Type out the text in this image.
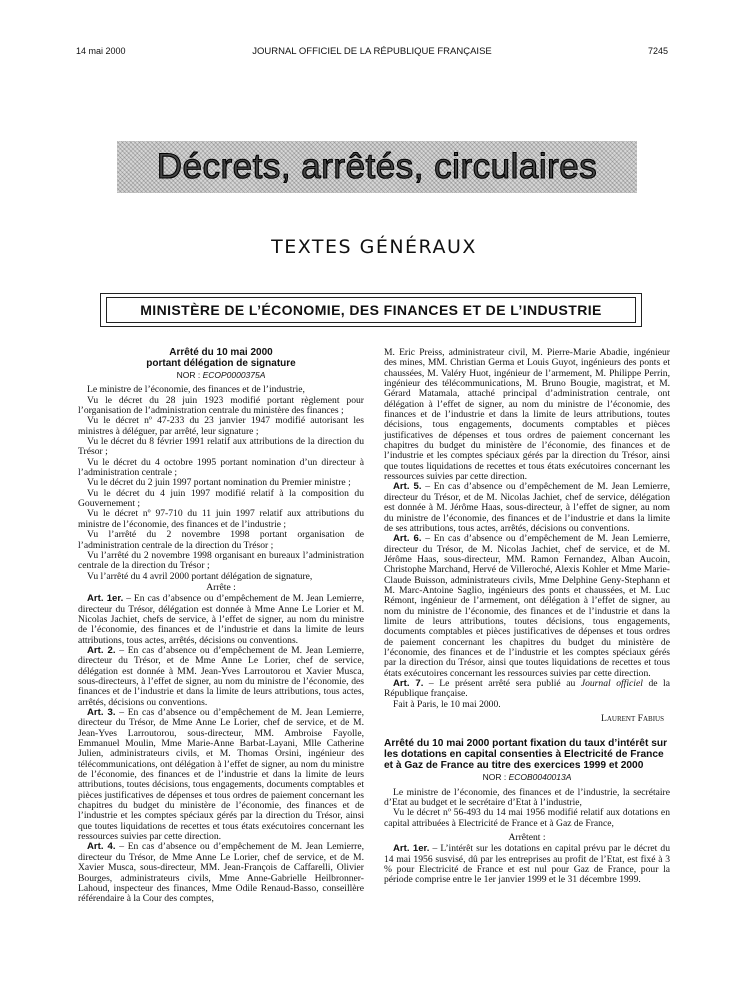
14 mai 2000	JOURNAL OFFICIEL DE LA RÉPUBLIQUE FRANÇAISE	7245
Décrets, arrêtés, circulaires
TEXTES GÉNÉRAUX
MINISTÈRE DE L’ÉCONOMIE, DES FINANCES ET DE L’INDUSTRIE
Arrêté du 10 mai 2000
portant délégation de signature
NOR : ECOP0000375A

Le ministre de l’économie, des finances et de l’industrie,

Vu le décret du 28 juin 1923 modifié portant règlement pour l’organisation de l’administration centrale du ministère des finances ;

Vu le décret nº 47-233 du 23 janvier 1947 modifié autorisant les ministres à déléguer, par arrêté, leur signature ;

Vu le décret du 8 février 1991 relatif aux attributions de la direction du Trésor ;

Vu le décret du 4 octobre 1995 portant nomination d’un directeur à l’administration centrale ;

Vu le décret du 2 juin 1997 portant nomination du Premier ministre ;

Vu le décret du 4 juin 1997 modifié relatif à la composition du Gouvernement ;

Vu le décret nº 97-710 du 11 juin 1997 relatif aux attributions du ministre de l’économie, des finances et de l’industrie ;

Vu l’arrêté du 2 novembre 1998 portant organisation de l’administration centrale de la direction du Trésor ;

Vu l’arrêté du 2 novembre 1998 organisant en bureaux l’administration centrale de la direction du Trésor ;

Vu l’arrêté du 4 avril 2000 portant délégation de signature,

Arrête :

Art. 1er. – En cas d’absence ou d’empêchement de M. Jean Lemierre, directeur du Trésor, délégation est donnée à Mme Anne Le Lorier et M. Nicolas Jachiet, chefs de service, à l’effet de signer, au nom du ministre de l’économie, des finances et de l’industrie et dans la limite de leurs attributions, tous actes, arrêtés, décisions ou conventions.

Art. 2. – En cas d’absence ou d’empêchement de M. Jean Lemierre, directeur du Trésor, et de Mme Anne Le Lorier, chef de service, délégation est donnée à MM. Jean-Yves Larroutorou et Xavier Musca, sous-directeurs, à l’effet de signer, au nom du ministre de l’économie, des finances et de l’industrie et dans la limite de leurs attributions, tous actes, arrêtés, décisions ou conventions.

Art. 3. – En cas d’absence ou d’empêchement de M. Jean Lemierre, directeur du Trésor, de Mme Anne Le Lorier, chef de service, et de M. Jean-Yves Larroutorou, sous-directeur, MM. Ambroise Fayolle, Emmanuel Moulin, Mme Marie-Anne Barbat-Layani, Mlle Catherine Julien, administrateurs civils, et M. Thomas Orsini, ingénieur des télécommunications, ont délégation à l’effet de signer, au nom du ministre de l’économie, des finances et de l’industrie et dans la limite de leurs attributions, toutes décisions, tous engagements, documents comptables et pièces justificatives de dépenses et tous ordres de paiement concernant les chapitres du budget du ministère de l’économie, des finances et de l’industrie et les comptes spéciaux gérés par la direction du Trésor, ainsi que toutes liquidations de recettes et tous états exécutoires concernant les ressources suivies par cette direction.

Art. 4. – En cas d’absence ou d’empêchement de M. Jean Lemierre, directeur du Trésor, de Mme Anne Le Lorier, chef de service, et de M. Xavier Musca, sous-directeur, MM. Jean-François de Caffarelli, Olivier Bourges, administrateurs civils, Mme Anne-Gabrielle Heilbronner-Lahoud, inspecteur des finances, Mme Odile Renaud-Basso, conseillère référendaire à la Cour des comptes,

M. Eric Preiss, administrateur civil, M. Pierre-Marie Abadie, ingénieur des mines, MM. Christian Germa et Louis Guyot, ingénieurs des ponts et chaussées, M. Valéry Huot, ingénieur de l’armement, M. Philippe Perrin, ingénieur des télécommunications, M. Bruno Bougie, magistrat, et M. Gérard Matamala, attaché principal d’administration centrale, ont délégation à l’effet de signer, au nom du ministre de l’économie, des finances et de l’industrie et dans la limite de leurs attributions, toutes décisions, tous engagements, documents comptables et pièces justificatives de dépenses et tous ordres de paiement concernant les chapitres du budget du ministère de l’économie, des finances et de l’industrie et les comptes spéciaux gérés par la direction du Trésor, ainsi que toutes liquidations de recettes et tous états exécutoires concernant les ressources suivies par cette direction.

Art. 5. – En cas d’absence ou d’empêchement de M. Jean Lemierre, directeur du Trésor, et de M. Nicolas Jachiet, chef de service, délégation est donnée à M. Jérôme Haas, sous-directeur, à l’effet de signer, au nom du ministre de l’économie, des finances et de l’industrie et dans la limite de ses attributions, tous actes, arrêtés, décisions ou conventions.

Art. 6. – En cas d’absence ou d’empêchement de M. Jean Lemierre, directeur du Trésor, de M. Nicolas Jachiet, chef de service, et de M. Jérôme Haas, sous-directeur, MM. Ramon Fernandez, Alban Aucoin, Christophe Marchand, Hervé de Villeroché, Alexis Kohler et Mme Marie-Claude Buisson, administrateurs civils, Mme Delphine Geny-Stephann et M. Marc-Antoine Saglio, ingénieurs des ponts et chaussées, et M. Luc Rémont, ingénieur de l’armement, ont délégation à l’effet de signer, au nom du ministre de l’économie, des finances et de l’industrie et dans la limite de leurs attributions, toutes décisions, tous engagements, documents comptables et pièces justificatives de dépenses et tous ordres de paiement concernant les chapitres du budget du ministère de l’économie, des finances et de l’industrie et les comptes spéciaux gérés par la direction du Trésor, ainsi que toutes liquidations de recettes et tous états exécutoires concernant les ressources suivies par cette direction.

Art. 7. – Le présent arrêté sera publié au Journal officiel de la République française.

Fait à Paris, le 10 mai 2000.

Laurent Fabius
Arrêté du 10 mai 2000 portant fixation du taux d’intérêt sur les dotations en capital consenties à Electricité de France et à Gaz de France au titre des exercices 1999 et 2000
NOR : ECOB0040013A

Le ministre de l’économie, des finances et de l’industrie, la secrétaire d’Etat au budget et le secrétaire d’Etat à l’industrie,

Vu le décret nº 56-493 du 14 mai 1956 modifié relatif aux dotations en capital attribuées à Electricité de France et à Gaz de France,

Arrêtent :

Art. 1er. – L’intérêt sur les dotations en capital prévu par le décret du 14 mai 1956 susvisé, dû par les entreprises au profit de l’Etat, est fixé à 3 % pour Electricité de France et est nul pour Gaz de France, pour la période comprise entre le 1er janvier 1999 et le 31 décembre 1999.
